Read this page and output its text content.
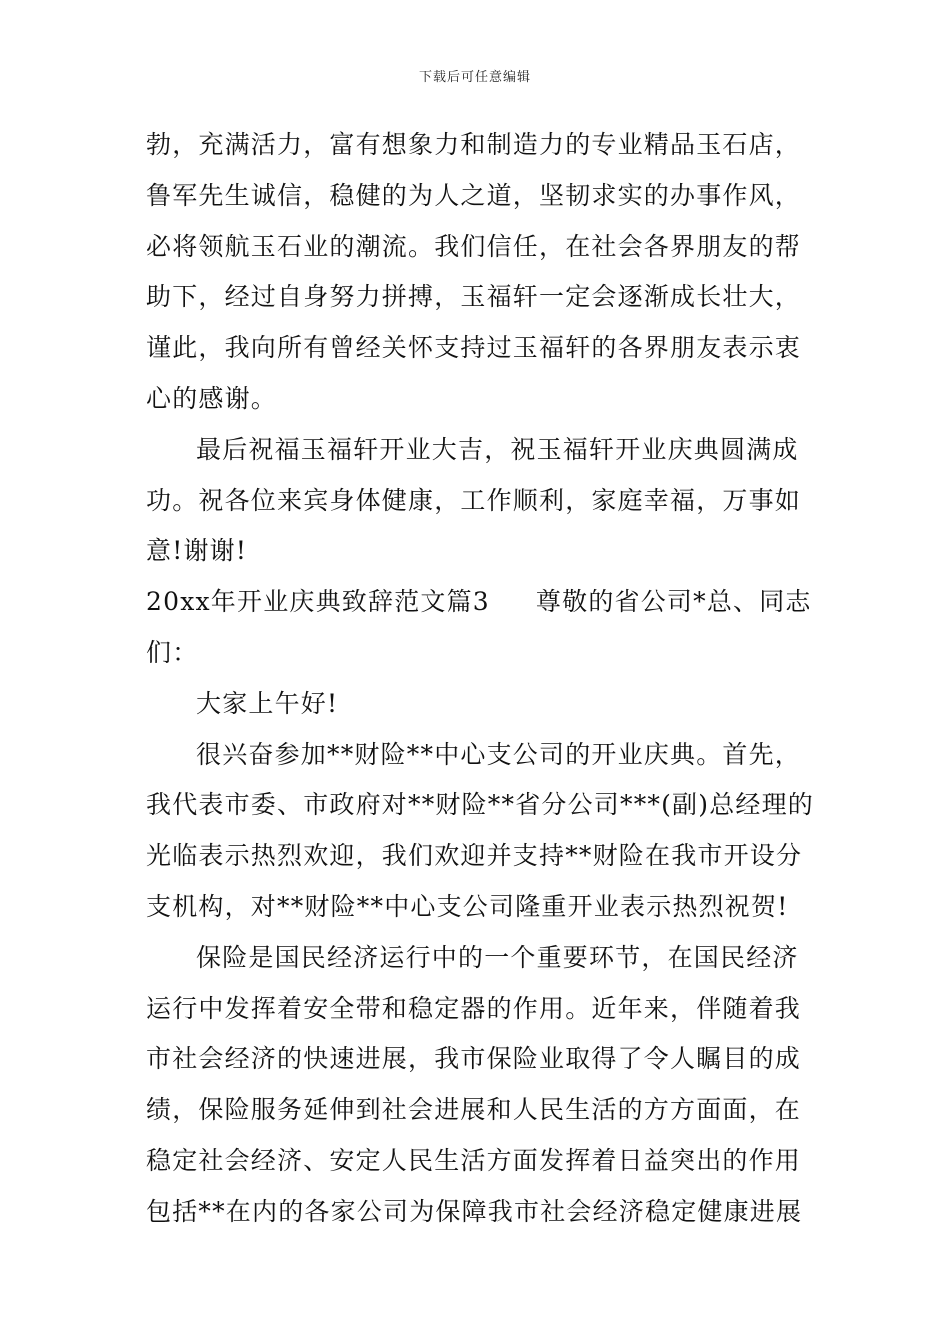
下载后可任意编辑
勃，充满活力，富有想象力和制造力的专业精品玉石店，
鲁军先生诚信，稳健的为人之道，坚韧求实的办事作风，
必将领航玉石业的潮流。我们信任，在社会各界朋友的帮
助下，经过自身努力拼搏，玉福轩一定会逐渐成长壮大，
谨此，我向所有曾经关怀支持过玉福轩的各界朋友表示衷
心的感谢。
最后祝福玉福轩开业大吉，祝玉福轩开业庆典圆满成
功。祝各位来宾身体健康，工作顺利，家庭幸福，万事如
意!谢谢!
20xx年开业庆典致辞范文篇3 尊敬的省公司*总、同志
们：
大家上午好!
很兴奋参加**财险**中心支公司的开业庆典。首先，
我代表市委、市政府对**财险**省分公司***(副)总经理的
光临表示热烈欢迎，我们欢迎并支持**财险在我市开设分
支机构，对**财险**中心支公司隆重开业表示热烈祝贺!
保险是国民经济运行中的一个重要环节，在国民经济
运行中发挥着安全带和稳定器的作用。近年来，伴随着我
市社会经济的快速进展，我市保险业取得了令人瞩目的成
绩，保险服务延伸到社会进展和人民生活的方方面面，在
稳定社会经济、安定人民生活方面发挥着日益突出的作用
包括**在内的各家公司为保障我市社会经济稳定健康进展
